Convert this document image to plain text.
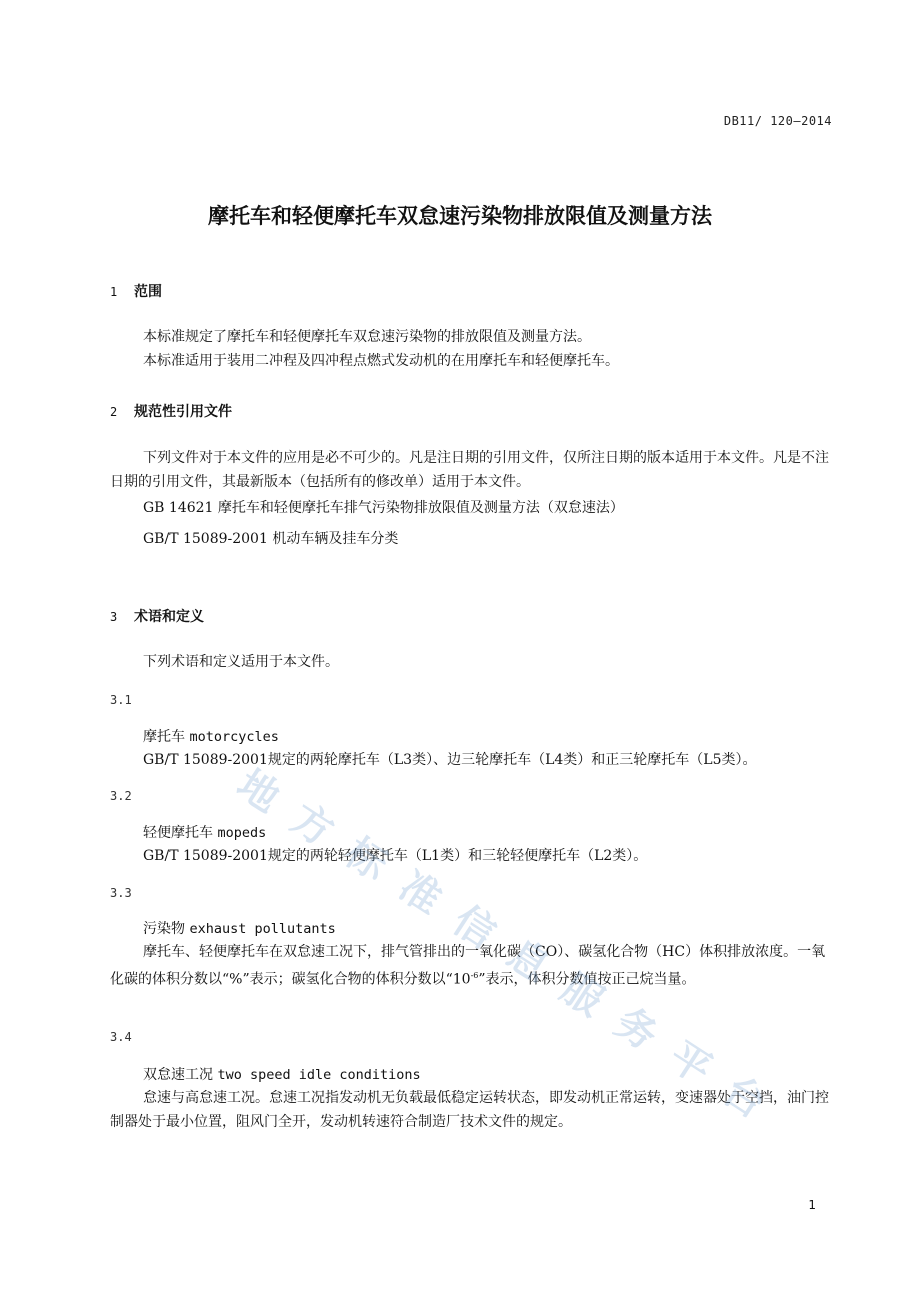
DB11/ 120—2014
摩托车和轻便摩托车双怠速污染物排放限值及测量方法
1 范围
本标准规定了摩托车和轻便摩托车双怠速污染物的排放限值及测量方法。
本标准适用于装用二冲程及四冲程点燃式发动机的在用摩托车和轻便摩托车。
2 规范性引用文件
下列文件对于本文件的应用是必不可少的。凡是注日期的引用文件，仅所注日期的版本适用于本文件。凡是不注日期的引用文件，其最新版本（包括所有的修改单）适用于本文件。
GB 14621 摩托车和轻便摩托车排气污染物排放限值及测量方法（双怠速法）
GB/T 15089-2001 机动车辆及挂车分类
3 术语和定义
下列术语和定义适用于本文件。
3.1
摩托车 motorcycles
GB/T 15089-2001规定的两轮摩托车（L3类）、边三轮摩托车（L4类）和正三轮摩托车（L5类）。
3.2
轻便摩托车 mopeds
GB/T 15089-2001规定的两轮轻便摩托车（L1类）和三轮轻便摩托车（L2类）。
3.3
污染物 exhaust pollutants
摩托车、轻便摩托车在双怠速工况下，排气管排出的一氧化碳（CO）、碳氢化合物（HC）体积排放浓度。一氧化碳的体积分数以“%”表示；碳氢化合物的体积分数以“$10^{-6}$”表示，体积分数值按正己烷当量。
3.4
双怠速工况 two speed idle conditions
怠速与高怠速工况。怠速工况指发动机无负载最低稳定运转状态，即发动机正常运转，变速器处于空挡，油门控制器处于最小位置，阻风门全开，发动机转速符合制造厂技术文件的规定。
地
方
标
准
信
息
服
务
平
台
1
